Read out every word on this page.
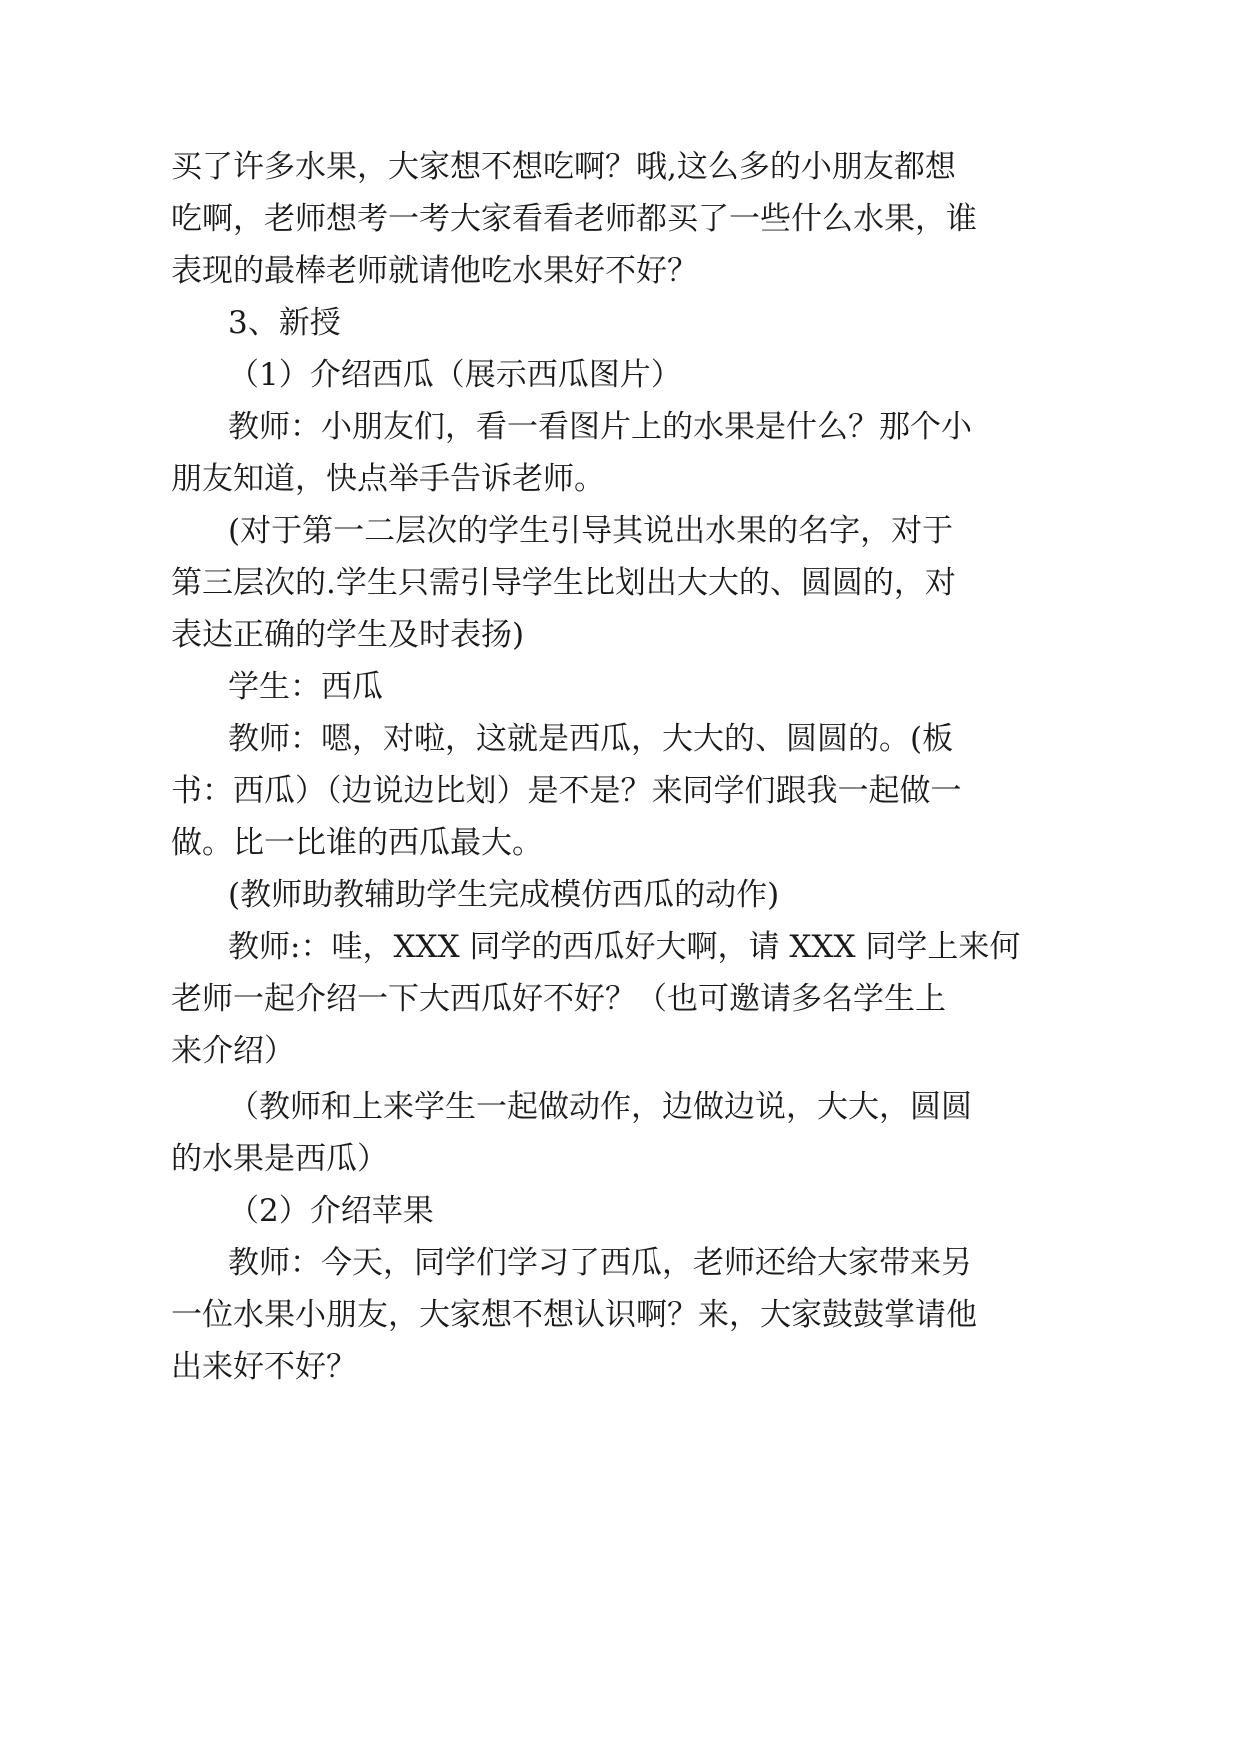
买了许多水果，大家想不想吃啊？哦,这么多的小朋友都想
吃啊，老师想考一考大家看看老师都买了一些什么水果，谁
表现的最棒老师就请他吃水果好不好？
3、新授
（1）介绍西瓜（展示西瓜图片）
教师：小朋友们，看一看图片上的水果是什么？那个小
朋友知道，快点举手告诉老师。
(对于第一二层次的学生引导其说出水果的名字，对于
第三层次的.学生只需引导学生比划出大大的、圆圆的，对
表达正确的学生及时表扬)
学生：西瓜
教师：嗯，对啦，这就是西瓜，大大的、圆圆的。(板
书：西瓜）（边说边比划）是不是？来同学们跟我一起做一
做。比一比谁的西瓜最大。
(教师助教辅助学生完成模仿西瓜的动作)
教师:：哇，XXX 同学的西瓜好大啊，请 XXX 同学上来何
老师一起介绍一下大西瓜好不好？（也可邀请多名学生上
来介绍）
（教师和上来学生一起做动作，边做边说，大大，圆圆
的水果是西瓜）
（2）介绍苹果
教师：今天，同学们学习了西瓜，老师还给大家带来另
一位水果小朋友，大家想不想认识啊？来，大家鼓鼓掌请他
出来好不好？
